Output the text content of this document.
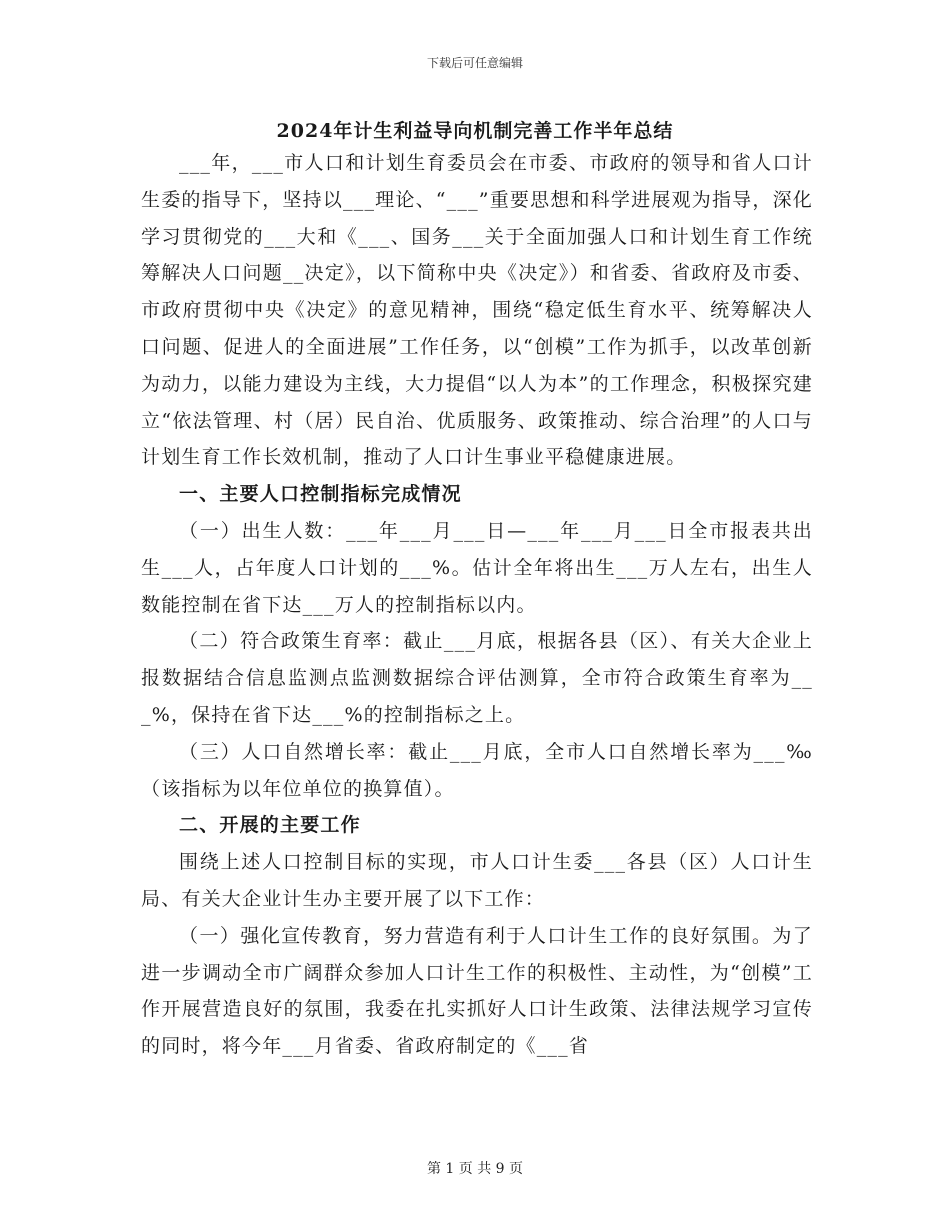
下载后可任意编辑
2024年计生利益导向机制完善工作半年总结

___年，___市人口和计划生育委员会在市委、市政府的领导和省人口计生委的指导下，坚持以___理论、“___”重要思想和科学进展观为指导，深化学习贯彻党的___大和《___、国务___关于全面加强人口和计划生育工作统筹解决人口问题__决定》，以下简称中央《决定》）和省委、省政府及市委、市政府贯彻中央《决定》的意见精神，围绕“稳定低生育水平、统筹解决人口问题、促进人的全面进展”工作任务，以“创模”工作为抓手，以改革创新为动力，以能力建设为主线，大力提倡“以人为本”的工作理念，积极探究建立“依法管理、村（居）民自治、优质服务、政策推动、综合治理”的人口与计划生育工作长效机制，推动了人口计生事业平稳健康进展。

一、主要人口控制指标完成情况

（一）出生人数：___年___月___日—___年___月___日全市报表共出生___人，占年度人口计划的___%。估计全年将出生___万人左右，出生人数能控制在省下达___万人的控制指标以内。

（二）符合政策生育率：截止___月底，根据各县（区）、有关大企业上报数据结合信息监测点监测数据综合评估测算，全市符合政策生育率为___%，保持在省下达___%的控制指标之上。

（三）人口自然增长率：截止___月底，全市人口自然增长率为___‰（该指标为以年位单位的换算值）。

二、开展的主要工作

围绕上述人口控制目标的实现，市人口计生委___各县（区）人口计生局、有关大企业计生办主要开展了以下工作：

（一）强化宣传教育，努力营造有利于人口计生工作的良好氛围。为了进一步调动全市广阔群众参加人口计生工作的积极性、主动性，为“创模”工作开展营造良好的氛围，我委在扎实抓好人口计生政策、法律法规学习宣传的同时，将今年___月省委、省政府制定的《___省

第 1 页 共 9 页
